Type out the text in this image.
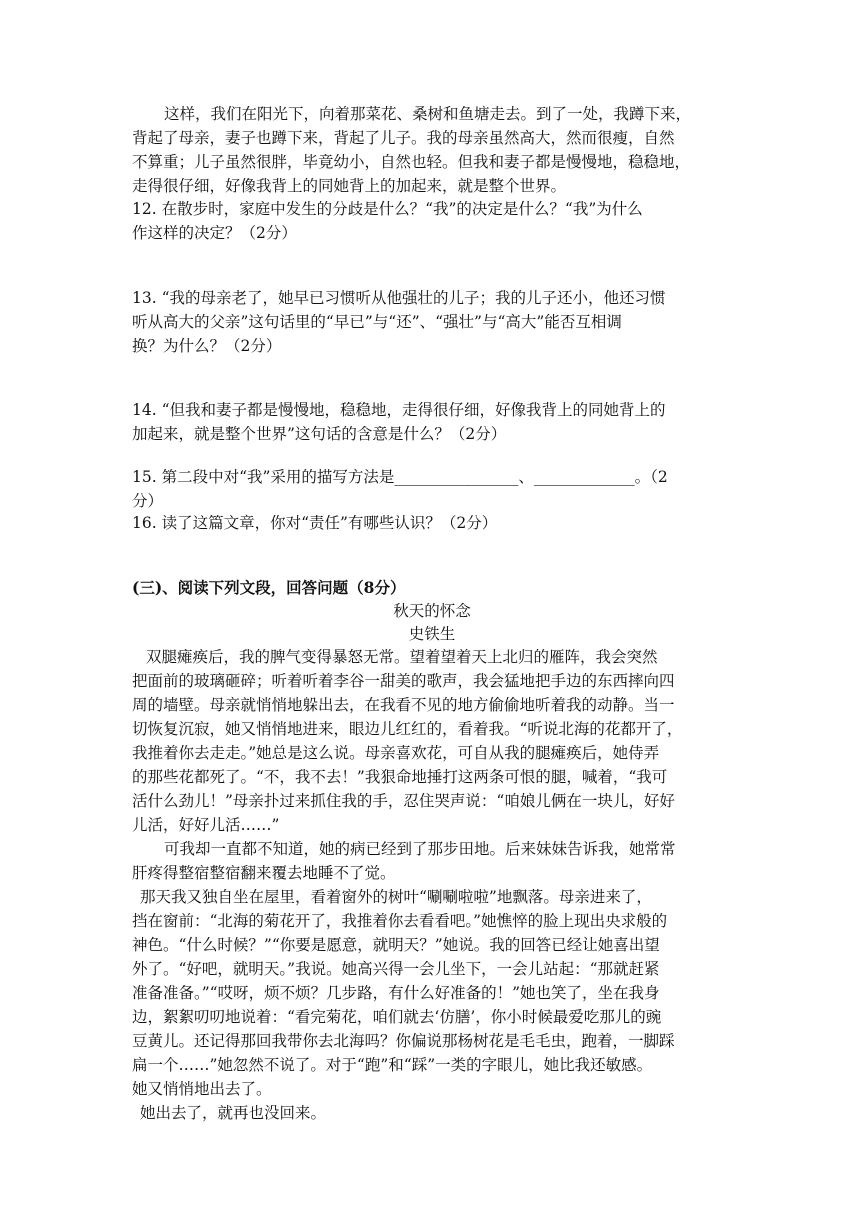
这样，我们在阳光下，向着那菜花、桑树和鱼塘走去。到了一处，我蹲下来，
背起了母亲，妻子也蹲下来，背起了儿子。我的母亲虽然高大，然而很瘦，自然
不算重；儿子虽然很胖，毕竟幼小，自然也轻。但我和妻子都是慢慢地，稳稳地，
走得很仔细，好像我背上的同她背上的加起来，就是整个世界。
12. 在散步时，家庭中发生的分歧是什么？“我”的决定是什么？“我”为什么
作这样的决定？（2分）
13. “我的母亲老了，她早已习惯听从他强壮的儿子；我的儿子还小，他还习惯
听从高大的父亲”这句话里的“早已”与“还”、“强壮”与“高大”能否互相调
换？为什么？（2分）
14. “但我和妻子都是慢慢地，稳稳地，走得很仔细，好像我背上的同她背上的
加起来，就是整个世界”这句话的含意是什么？（2分）
15. 第二段中对“我”采用的描写方法是________________、_____________。（2
分）
16. 读了这篇文章，你对“责任”有哪些认识？（2分）
(三)、阅读下列文段，回答问题（8分）
秋天的怀念
史铁生
双腿瘫痪后，我的脾气变得暴怒无常。望着望着天上北归的雁阵，我会突然
把面前的玻璃砸碎；听着听着李谷一甜美的歌声，我会猛地把手边的东西摔向四
周的墙壁。母亲就悄悄地躲出去，在我看不见的地方偷偷地听着我的动静。当一
切恢复沉寂，她又悄悄地进来，眼边儿红红的，看着我。“听说北海的花都开了，
我推着你去走走。”她总是这么说。母亲喜欢花，可自从我的腿瘫痪后，她侍弄
的那些花都死了。“不，我不去！”我狠命地捶打这两条可恨的腿，喊着，“我可
活什么劲儿！”母亲扑过来抓住我的手，忍住哭声说：“咱娘儿俩在一块儿，好好
儿活，好好儿活……”
可我却一直都不知道，她的病已经到了那步田地。后来妹妹告诉我，她常常
肝疼得整宿整宿翻来覆去地睡不了觉。
那天我又独自坐在屋里，看着窗外的树叶“唰唰啦啦”地飘落。母亲进来了，
挡在窗前：“北海的菊花开了，我推着你去看看吧。”她憔悴的脸上现出央求般的
神色。“什么时候？”“你要是愿意，就明天？”她说。我的回答已经让她喜出望
外了。“好吧，就明天。”我说。她高兴得一会儿坐下，一会儿站起：“那就赶紧
准备准备。”“哎呀，烦不烦？几步路，有什么好准备的！”她也笑了，坐在我身
边，絮絮叨叨地说着：“看完菊花，咱们就去‘仿膳’，你小时候最爱吃那儿的豌
豆黄儿。还记得那回我带你去北海吗？你偏说那杨树花是毛毛虫，跑着，一脚踩
扁一个……”她忽然不说了。对于“跑”和“踩”一类的字眼儿，她比我还敏感。
她又悄悄地出去了。
她出去了，就再也没回来。
